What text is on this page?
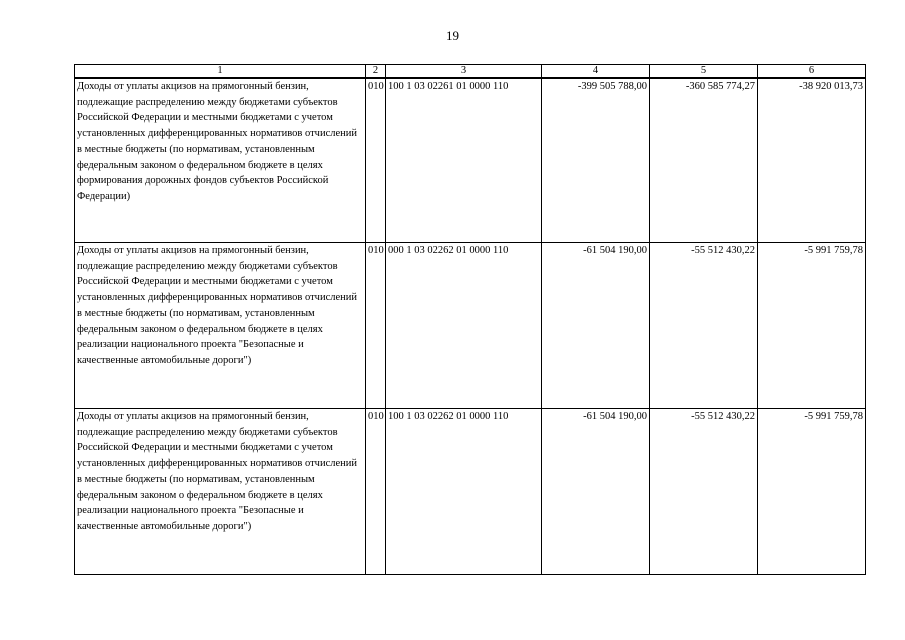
19
1	2	3	4	5	6
Доходы от уплаты акцизов на прямогонный бензин, подлежащие распределению между бюджетами субъектов Российской Федерации и местными бюджетами с учетом установленных дифференцированных нормативов отчислений в местные бюджеты (по нормативам, установленным федеральным законом о федеральном бюджете в целях формирования дорожных фондов субъектов Российской Федерации)	010	100 1 03 02261 01 0000 110	-399 505 788,00	-360 585 774,27	-38 920 013,73
Доходы от уплаты акцизов на прямогонный бензин, подлежащие распределению между бюджетами субъектов Российской Федерации и местными бюджетами с учетом установленных дифференцированных нормативов отчислений в местные бюджеты (по нормативам, установленным федеральным законом о федеральном бюджете в целях реализации национального проекта "Безопасные и качественные автомобильные дороги")	010	000 1 03 02262 01 0000 110	-61 504 190,00	-55 512 430,22	-5 991 759,78
Доходы от уплаты акцизов на прямогонный бензин, подлежащие распределению между бюджетами субъектов Российской Федерации и местными бюджетами с учетом установленных дифференцированных нормативов отчислений в местные бюджеты (по нормативам, установленным федеральным законом о федеральном бюджете в целях реализации национального проекта "Безопасные и качественные автомобильные дороги")	010	100 1 03 02262 01 0000 110	-61 504 190,00	-55 512 430,22	-5 991 759,78
